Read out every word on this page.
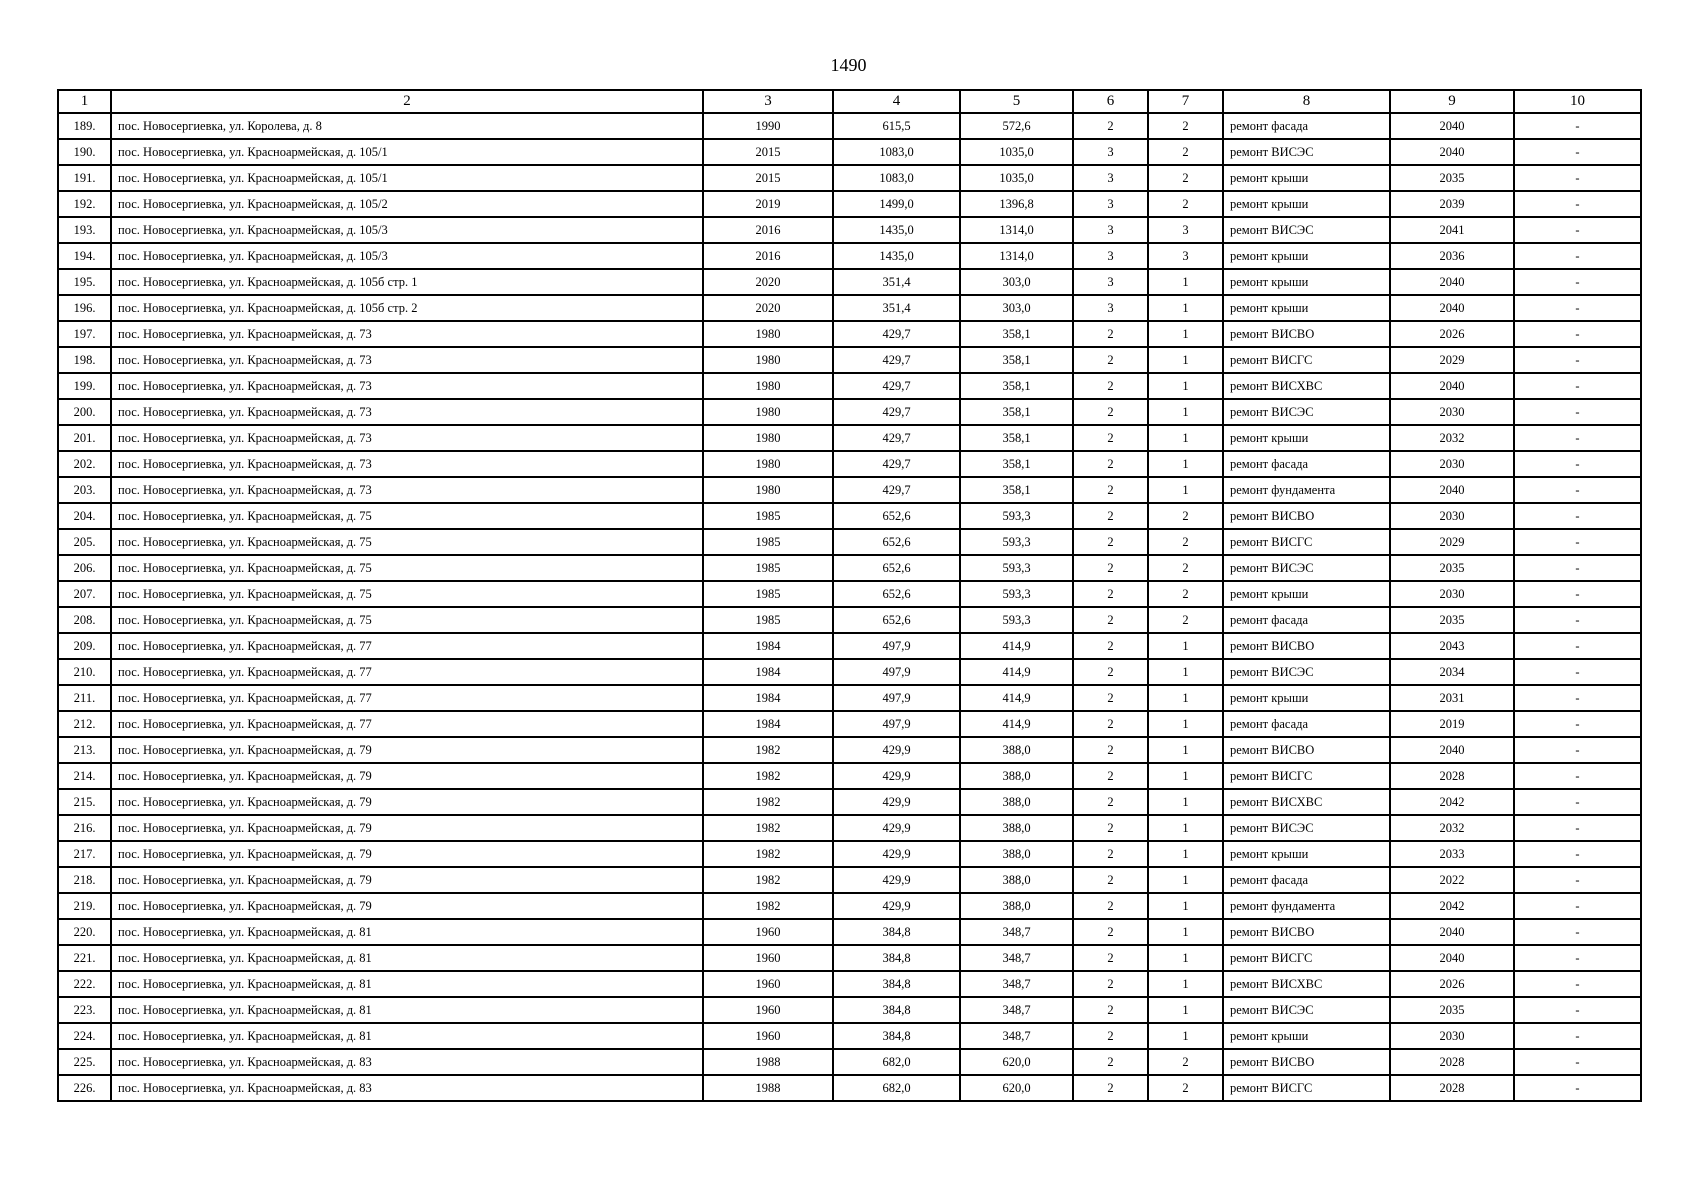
1490
1	2	3	4	5	6	7	8	9	10
189.	пос. Новосергиевка, ул. Королева, д. 8	1990	615,5	572,6	2	2	ремонт фасада	2040	-
190.	пос. Новосергиевка, ул. Красноармейская, д. 105/1	2015	1083,0	1035,0	3	2	ремонт ВИСЭС	2040	-
191.	пос. Новосергиевка, ул. Красноармейская, д. 105/1	2015	1083,0	1035,0	3	2	ремонт крыши	2035	-
192.	пос. Новосергиевка, ул. Красноармейская, д. 105/2	2019	1499,0	1396,8	3	2	ремонт крыши	2039	-
193.	пос. Новосергиевка, ул. Красноармейская, д. 105/3	2016	1435,0	1314,0	3	3	ремонт ВИСЭС	2041	-
194.	пос. Новосергиевка, ул. Красноармейская, д. 105/3	2016	1435,0	1314,0	3	3	ремонт крыши	2036	-
195.	пос. Новосергиевка, ул. Красноармейская, д. 105б стр. 1	2020	351,4	303,0	3	1	ремонт крыши	2040	-
196.	пос. Новосергиевка, ул. Красноармейская, д. 105б стр. 2	2020	351,4	303,0	3	1	ремонт крыши	2040	-
197.	пос. Новосергиевка, ул. Красноармейская, д. 73	1980	429,7	358,1	2	1	ремонт ВИСВО	2026	-
198.	пос. Новосергиевка, ул. Красноармейская, д. 73	1980	429,7	358,1	2	1	ремонт ВИСГС	2029	-
199.	пос. Новосергиевка, ул. Красноармейская, д. 73	1980	429,7	358,1	2	1	ремонт ВИСХВС	2040	-
200.	пос. Новосергиевка, ул. Красноармейская, д. 73	1980	429,7	358,1	2	1	ремонт ВИСЭС	2030	-
201.	пос. Новосергиевка, ул. Красноармейская, д. 73	1980	429,7	358,1	2	1	ремонт крыши	2032	-
202.	пос. Новосергиевка, ул. Красноармейская, д. 73	1980	429,7	358,1	2	1	ремонт фасада	2030	-
203.	пос. Новосергиевка, ул. Красноармейская, д. 73	1980	429,7	358,1	2	1	ремонт фундамента	2040	-
204.	пос. Новосергиевка, ул. Красноармейская, д. 75	1985	652,6	593,3	2	2	ремонт ВИСВО	2030	-
205.	пос. Новосергиевка, ул. Красноармейская, д. 75	1985	652,6	593,3	2	2	ремонт ВИСГС	2029	-
206.	пос. Новосергиевка, ул. Красноармейская, д. 75	1985	652,6	593,3	2	2	ремонт ВИСЭС	2035	-
207.	пос. Новосергиевка, ул. Красноармейская, д. 75	1985	652,6	593,3	2	2	ремонт крыши	2030	-
208.	пос. Новосергиевка, ул. Красноармейская, д. 75	1985	652,6	593,3	2	2	ремонт фасада	2035	-
209.	пос. Новосергиевка, ул. Красноармейская, д. 77	1984	497,9	414,9	2	1	ремонт ВИСВО	2043	-
210.	пос. Новосергиевка, ул. Красноармейская, д. 77	1984	497,9	414,9	2	1	ремонт ВИСЭС	2034	-
211.	пос. Новосергиевка, ул. Красноармейская, д. 77	1984	497,9	414,9	2	1	ремонт крыши	2031	-
212.	пос. Новосергиевка, ул. Красноармейская, д. 77	1984	497,9	414,9	2	1	ремонт фасада	2019	-
213.	пос. Новосергиевка, ул. Красноармейская, д. 79	1982	429,9	388,0	2	1	ремонт ВИСВО	2040	-
214.	пос. Новосергиевка, ул. Красноармейская, д. 79	1982	429,9	388,0	2	1	ремонт ВИСГС	2028	-
215.	пос. Новосергиевка, ул. Красноармейская, д. 79	1982	429,9	388,0	2	1	ремонт ВИСХВС	2042	-
216.	пос. Новосергиевка, ул. Красноармейская, д. 79	1982	429,9	388,0	2	1	ремонт ВИСЭС	2032	-
217.	пос. Новосергиевка, ул. Красноармейская, д. 79	1982	429,9	388,0	2	1	ремонт крыши	2033	-
218.	пос. Новосергиевка, ул. Красноармейская, д. 79	1982	429,9	388,0	2	1	ремонт фасада	2022	-
219.	пос. Новосергиевка, ул. Красноармейская, д. 79	1982	429,9	388,0	2	1	ремонт фундамента	2042	-
220.	пос. Новосергиевка, ул. Красноармейская, д. 81	1960	384,8	348,7	2	1	ремонт ВИСВО	2040	-
221.	пос. Новосергиевка, ул. Красноармейская, д. 81	1960	384,8	348,7	2	1	ремонт ВИСГС	2040	-
222.	пос. Новосергиевка, ул. Красноармейская, д. 81	1960	384,8	348,7	2	1	ремонт ВИСХВС	2026	-
223.	пос. Новосергиевка, ул. Красноармейская, д. 81	1960	384,8	348,7	2	1	ремонт ВИСЭС	2035	-
224.	пос. Новосергиевка, ул. Красноармейская, д. 81	1960	384,8	348,7	2	1	ремонт крыши	2030	-
225.	пос. Новосергиевка, ул. Красноармейская, д. 83	1988	682,0	620,0	2	2	ремонт ВИСВО	2028	-
226.	пос. Новосергиевка, ул. Красноармейская, д. 83	1988	682,0	620,0	2	2	ремонт ВИСГС	2028	-
